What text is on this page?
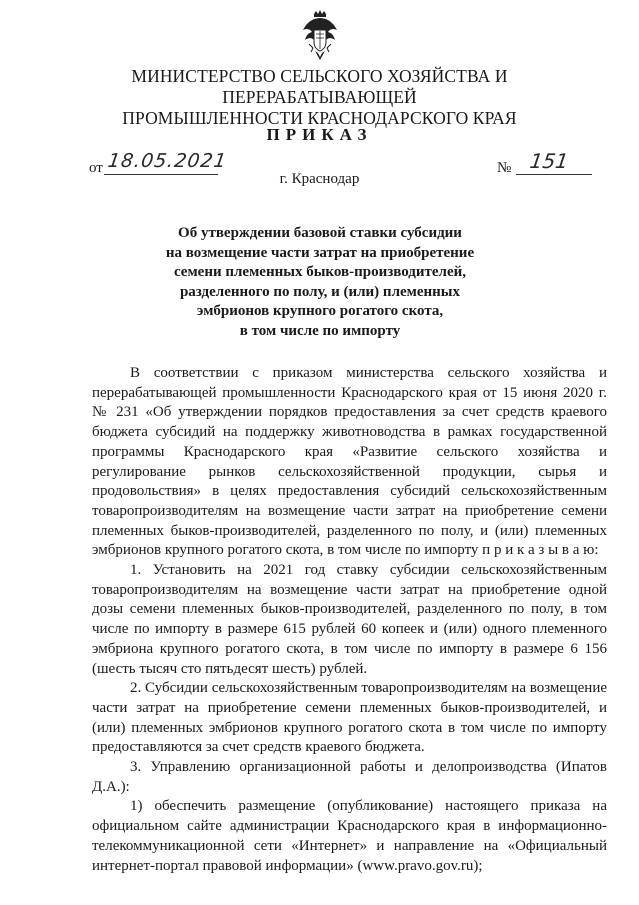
МИНИСТЕРСТВО СЕЛЬСКОГО ХОЗЯЙСТВА И ПЕРЕРАБАТЫВАЮЩЕЙ
ПРОМЫШЛЕННОСТИ КРАСНОДАРСКОГО КРАЯ
ПРИКАЗ
от 18.05.2021	№ 151
г. Краснодар
Об утверждении базовой ставки субсидии
на возмещение части затрат на приобретение
семени племенных быков-производителей,
разделенного по полу, и (или) племенных
эмбрионов крупного рогатого скота,
в том числе по импорту

В соответствии с приказом министерства сельского хозяйства и перерабатывающей промышленности Краснодарского края от 15 июня 2020 г. № 231 «Об утверждении порядков предоставления за счет средств краевого бюджета субсидий на поддержку животноводства в рамках государственной программы Краснодарского края «Развитие сельского хозяйства и регулирование рынков сельскохозяйственной продукции, сырья и продовольствия» в целях предоставления субсидий сельскохозяйственным товаропроизводителям на возмещение части затрат на приобретение семени племенных быков-производителей, разделенного по полу, и (или) племенных эмбрионов крупного рогатого скота, в том числе по импорту п р и к а з ы в а ю:

1. Установить на 2021 год ставку субсидии сельскохозяйственным товаропроизводителям на возмещение части затрат на приобретение одной дозы семени племенных быков-производителей, разделенного по полу, в том числе по импорту в размере 615 рублей 60 копеек и (или) одного племенного эмбриона крупного рогатого скота, в том числе по импорту в размере 6 156 (шесть тысяч сто пятьдесят шесть) рублей.

2. Субсидии сельскохозяйственным товаропроизводителям на возмещение части затрат на приобретение семени племенных быков-производителей, и (или) племенных эмбрионов крупного рогатого скота в том числе по импорту предоставляются за счет средств краевого бюджета.

3. Управлению организационной работы и делопроизводства (Ипатов Д.А.):

1) обеспечить размещение (опубликование) настоящего приказа на официальном сайте администрации Краснодарского края в информационно-телекоммуникационной сети «Интернет» и направление на «Официальный интернет-портал правовой информации» (www.pravo.gov.ru);
